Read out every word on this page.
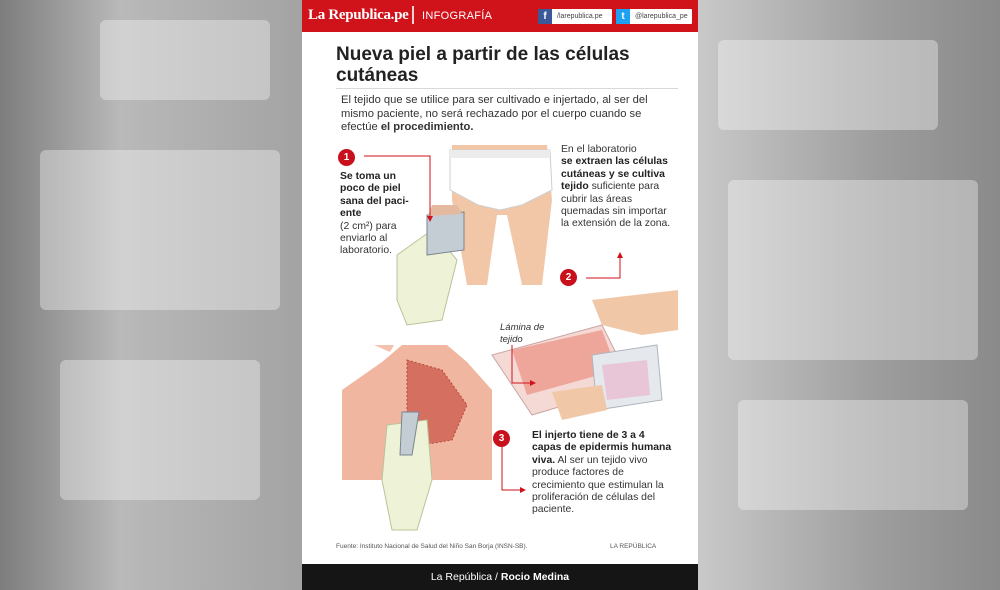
La Republica.pe INFOGRAFÍA	f	/larepublica.pe	t	@larepublica_pe
Nueva piel a partir de las células cutáneas
El tejido que se utilice para ser cultivado e injertado, al ser del mismo paciente, no será rechazado por el cuerpo cuando se efectúe el procedimiento.
1
Se toma un poco de piel sana del paci-ente
(2 cm²) para enviarlo al laboratorio.
En el laboratorio
se extraen las células cutáneas y se cultiva tejido suficiente para cubrir las áreas quemadas sin importar la extensión de la zona.
2
Lámina de tejido
3	El injerto tiene de 3 a 4 capas de epidermis humana viva. Al ser un tejido vivo produce factores de crecimiento que estimulan la proliferación de células del paciente.
Fuente: Instituto Nacional de Salud del Niño San Borja (INSN-SB).	LA REPÚBLICA
La República / Rocio Medina
